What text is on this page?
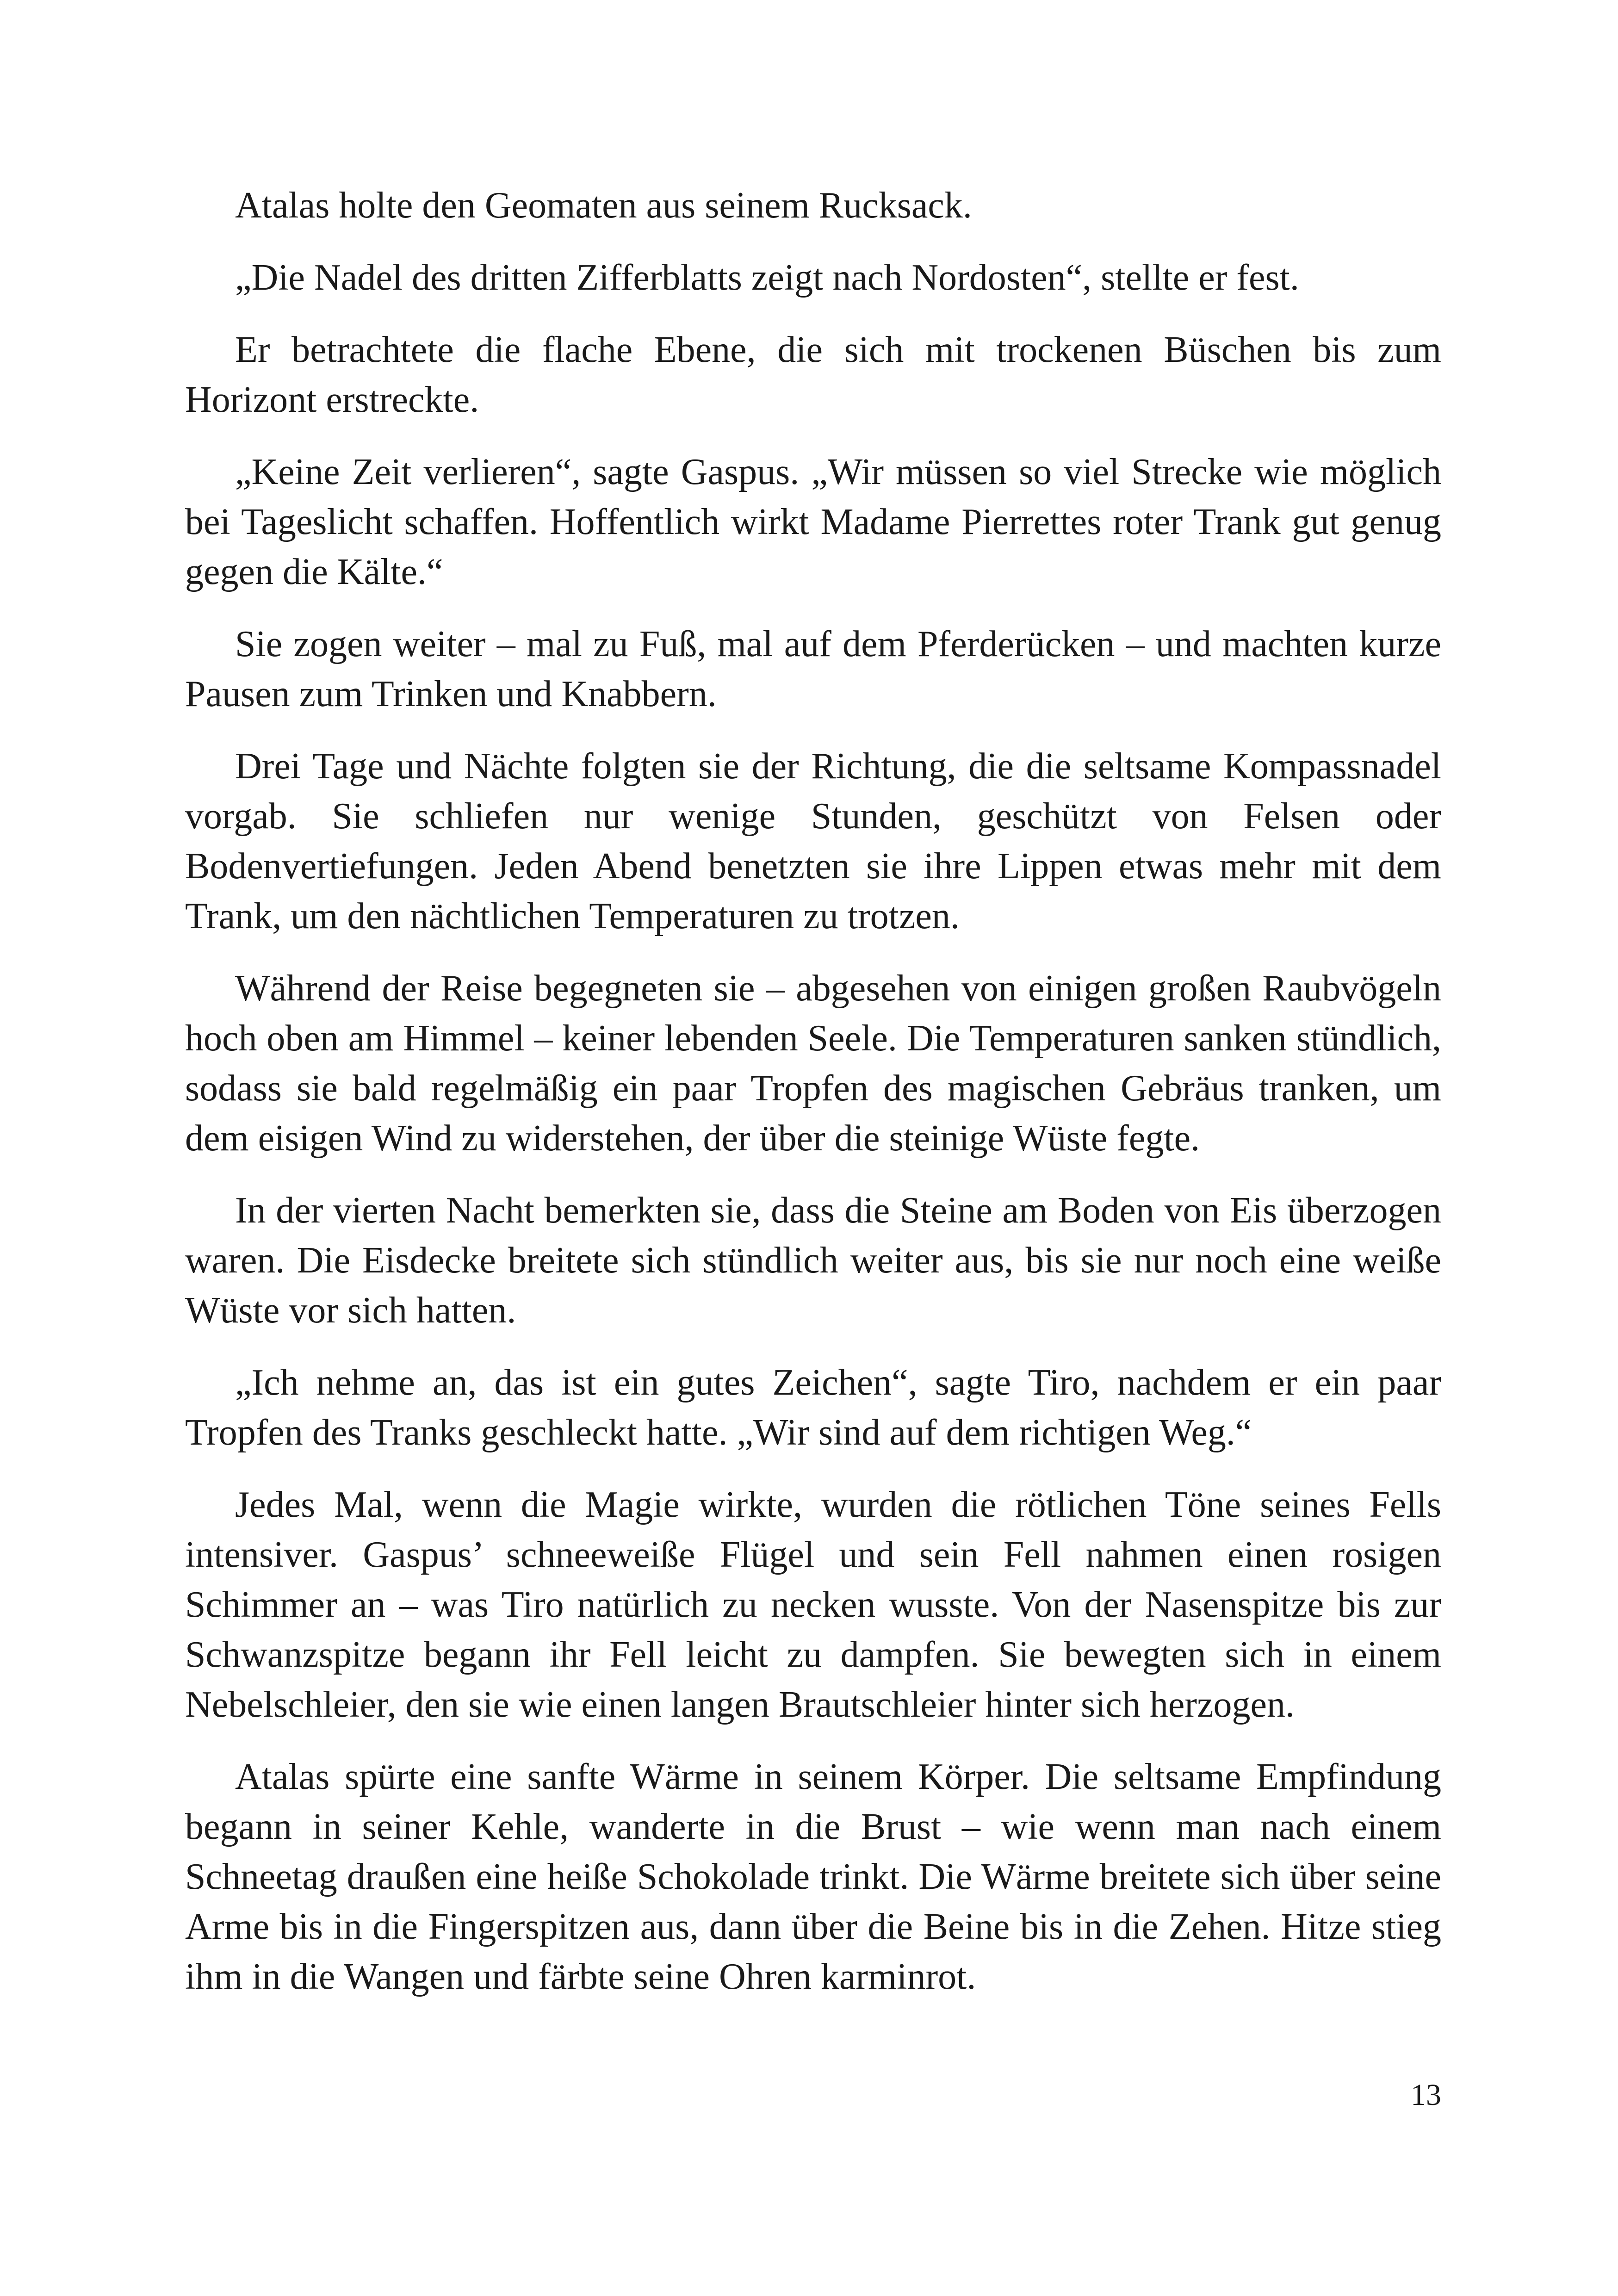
Atalas holte den Geomaten aus seinem Rucksack.

„Die Nadel des dritten Zifferblatts zeigt nach Nordosten“, stellte er fest.

Er betrachtete die flache Ebene, die sich mit trockenen Büschen bis zum Horizont erstreckte.

„Keine Zeit verlieren“, sagte Gaspus. „Wir müssen so viel Strecke wie möglich bei Tageslicht schaffen. Hoffentlich wirkt Madame Pierrettes roter Trank gut genug gegen die Kälte.“

Sie zogen weiter – mal zu Fuß, mal auf dem Pferderücken – und machten kurze Pausen zum Trinken und Knabbern.

Drei Tage und Nächte folgten sie der Richtung, die die seltsame Kompassnadel vorgab. Sie schliefen nur wenige Stunden, geschützt von Felsen oder Bodenvertiefungen. Jeden Abend benetzten sie ihre Lippen etwas mehr mit dem Trank, um den nächtlichen Temperaturen zu trotzen.

Während der Reise begegneten sie – abgesehen von einigen großen Raubvögeln hoch oben am Himmel – keiner lebenden Seele. Die Temperaturen sanken stündlich, sodass sie bald regelmäßig ein paar Tropfen des magischen Gebräus tranken, um dem eisigen Wind zu widerstehen, der über die steinige Wüste fegte.

In der vierten Nacht bemerkten sie, dass die Steine am Boden von Eis überzogen waren. Die Eisdecke breitete sich stündlich weiter aus, bis sie nur noch eine weiße Wüste vor sich hatten.

„Ich nehme an, das ist ein gutes Zeichen“, sagte Tiro, nachdem er ein paar Tropfen des Tranks geschleckt hatte. „Wir sind auf dem richtigen Weg.“

Jedes Mal, wenn die Magie wirkte, wurden die rötlichen Töne seines Fells intensiver. Gaspus’ schneeweiße Flügel und sein Fell nahmen einen rosigen Schimmer an – was Tiro natürlich zu necken wusste. Von der Nasenspitze bis zur Schwanzspitze begann ihr Fell leicht zu dampfen. Sie bewegten sich in einem Nebelschleier, den sie wie einen langen Brautschleier hinter sich herzogen.

Atalas spürte eine sanfte Wärme in seinem Körper. Die seltsame Empfindung begann in seiner Kehle, wanderte in die Brust – wie wenn man nach einem Schneetag draußen eine heiße Schokolade trinkt. Die Wärme breitete sich über seine Arme bis in die Fingerspitzen aus, dann über die Beine bis in die Zehen. Hitze stieg ihm in die Wangen und färbte seine Ohren karminrot.

13
